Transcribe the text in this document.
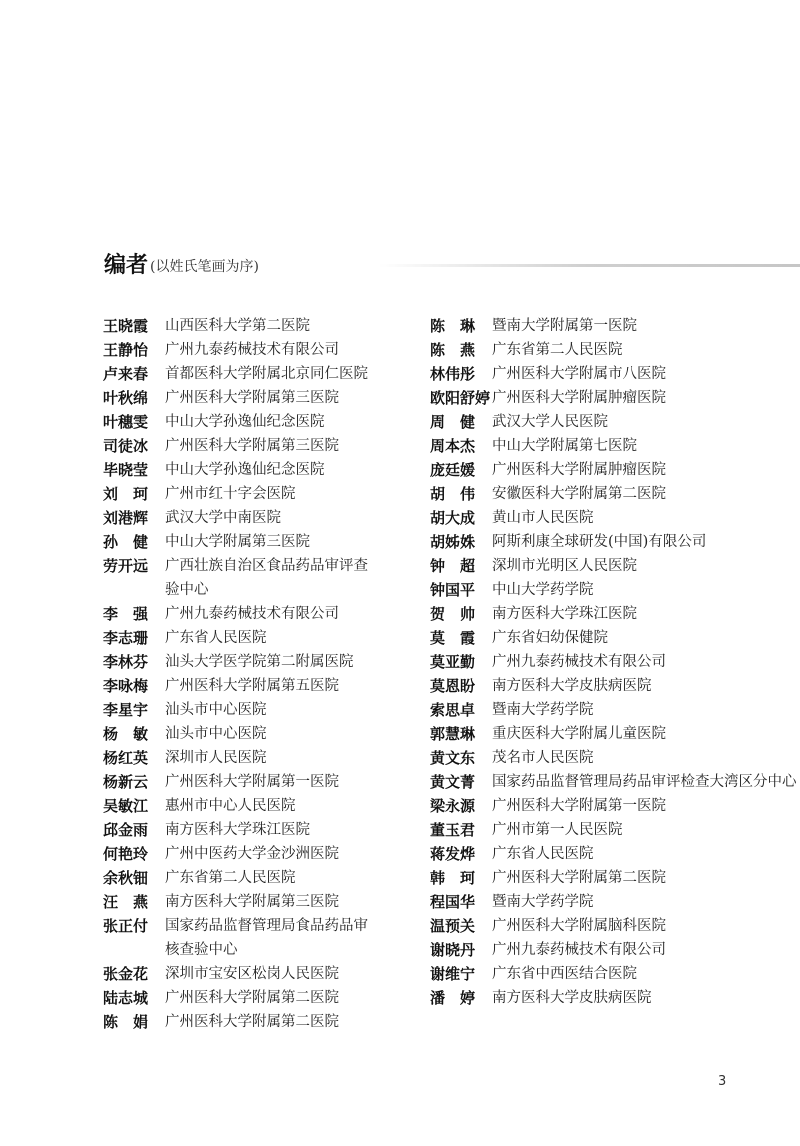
编者 (以姓氏笔画为序)
王晓霞	山西医科大学第二医院
王静怡	广州九泰药械技术有限公司
卢来春	首都医科大学附属北京同仁医院
叶秋绵	广州医科大学附属第三医院
叶穗雯	中山大学孙逸仙纪念医院
司徒冰	广州医科大学附属第三医院
毕晓莹	中山大学孙逸仙纪念医院
刘　珂	广州市红十字会医院
刘港辉	武汉大学中南医院
孙　健	中山大学附属第三医院
劳开远	广西壮族自治区食品药品审评查验中心
李　强	广州九泰药械技术有限公司
李志珊	广东省人民医院
李林芬	汕头大学医学院第二附属医院
李咏梅	广州医科大学附属第五医院
李星宇	汕头市中心医院
杨　敏	汕头市中心医院
杨红英	深圳市人民医院
杨新云	广州医科大学附属第一医院
吴敏江	惠州市中心人民医院
邱金雨	南方医科大学珠江医院
何艳玲	广州中医药大学金沙洲医院
余秋钿	广东省第二人民医院
汪　燕	南方医科大学附属第三医院
张正付	国家药品监督管理局食品药品审核查验中心
张金花	深圳市宝安区松岗人民医院
陆志城	广州医科大学附属第二医院
陈　娟	广州医科大学附属第二医院
陈　琳	暨南大学附属第一医院
陈　燕	广东省第二人民医院
林伟彤	广州医科大学附属市八医院
欧阳舒婷 广州医科大学附属肿瘤医院
周　健	武汉大学人民医院
周本杰	中山大学附属第七医院
庞廷媛	广州医科大学附属肿瘤医院
胡　伟	安徽医科大学附属第二医院
胡大成	黄山市人民医院
胡姊姝	阿斯利康全球研发(中国)有限公司
钟　超	深圳市光明区人民医院
钟国平	中山大学药学院
贺　帅	南方医科大学珠江医院
莫　霞	广东省妇幼保健院
莫亚勤	广州九泰药械技术有限公司
莫恩盼	南方医科大学皮肤病医院
索思卓	暨南大学药学院
郭慧琳	重庆医科大学附属儿童医院
黄文东	茂名市人民医院
黄文菁	国家药品监督管理局药品审评检查大湾区分中心
梁永源	广州医科大学附属第一医院
董玉君	广州市第一人民医院
蒋发烨	广东省人民医院
韩　珂	广州医科大学附属第二医院
程国华	暨南大学药学院
温预关	广州医科大学附属脑科医院
谢晓丹	广州九泰药械技术有限公司
谢维宁	广东省中西医结合医院
潘　婷	南方医科大学皮肤病医院
3
